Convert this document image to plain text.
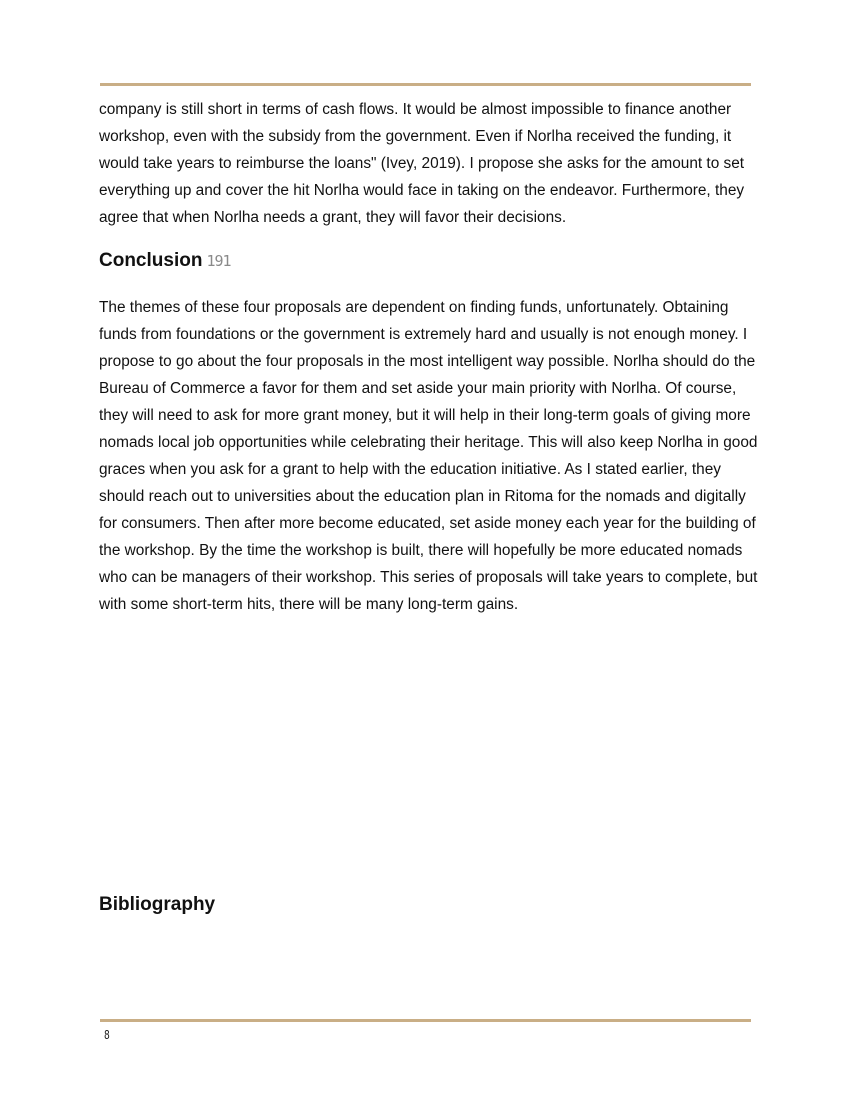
company is still short in terms of cash flows. It would be almost impossible to finance another workshop, even with the subsidy from the government. Even if Norlha received the funding, it would take years to reimburse the loans" (Ivey, 2019). I propose she asks for the amount to set everything up and cover the hit Norlha would face in taking on the endeavor. Furthermore, they agree that when Norlha needs a grant, they will favor their decisions.

Conclusion 191

The themes of these four proposals are dependent on finding funds, unfortunately. Obtaining funds from foundations or the government is extremely hard and usually is not enough money. I propose to go about the four proposals in the most intelligent way possible. Norlha should do the Bureau of Commerce a favor for them and set aside your main priority with Norlha. Of course, they will need to ask for more grant money, but it will help in their long-term goals of giving more nomads local job opportunities while celebrating their heritage. This will also keep Norlha in good graces when you ask for a grant to help with the education initiative. As I stated earlier, they should reach out to universities about the education plan in Ritoma for the nomads and digitally for consumers. Then after more become educated, set aside money each year for the building of the workshop. By the time the workshop is built, there will hopefully be more educated nomads who can be managers of their workshop. This series of proposals will take years to complete, but with some short-term hits, there will be many long-term gains.

Bibliography
8
